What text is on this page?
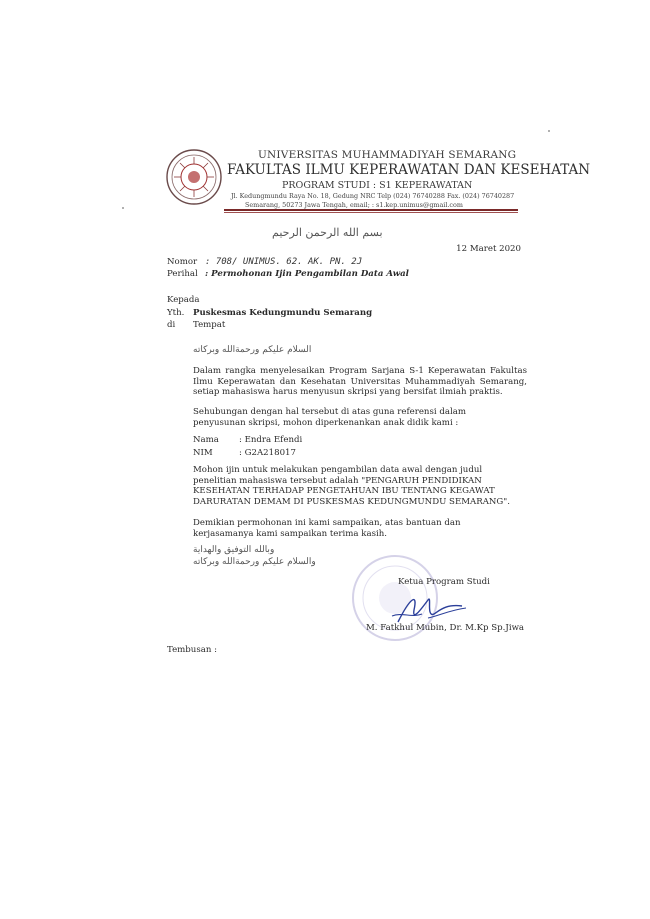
UNIVERSITAS MUHAMMADIYAH SEMARANG
FAKULTAS ILMU KEPERAWATAN DAN KESEHATAN
PROGRAM STUDI : S1 KEPERAWATAN
Jl. Kedungmundu Raya No. 18, Gedung NRC Telp (024) 76740288 Fax. (024) 76740287
Semarang, 50273 Jawa Tengah, email; : s1.kep.unimus@gmail.com
بسم الله الرحمن الرحيم
12 Maret 2020
Nomor : 708/ UNIMUS. 62. AK. PN. 2J
Perihal : Permohonan Ijin Pengambilan Data Awal
Kepada
Yth. Puskesmas Kedungmundu Semarang
di Tempat
السلام عليكم ورحمةالله وبركاته

Dalam rangka menyelesaikan Program Sarjana S-1 Keperawatan Fakultas Ilmu Keperawatan dan Kesehatan Universitas Muhammadiyah Semarang, setiap mahasiswa harus menyusun skripsi yang bersifat ilmiah praktis.

Sehubungan dengan hal tersebut di atas guna referensi dalam penyusunan skripsi, mohon diperkenankan anak didik kami :

Nama : Endra Efendi
NIM	: G2A218017

Mohon ijin untuk melakukan pengambilan data awal dengan judul penelitian mahasiswa tersebut adalah "PENGARUH PENDIDIKAN KESEHATAN TERHADAP PENGETAHUAN IBU TENTANG KEGAWAT DARURATAN DEMAM DI PUSKESMAS KEDUNGMUNDU SEMARANG".

Demikian permohonan ini kami sampaikan, atas bantuan dan kerjasamanya kami sampaikan terima kasih.

وبالله التوفيق والهداية
والسلام عليكم ورحمةالله وبركاته
Ketua Program Studi
M. Fatkhul Mubin, Dr. M.Kp Sp.Jiwa
Tembusan :
